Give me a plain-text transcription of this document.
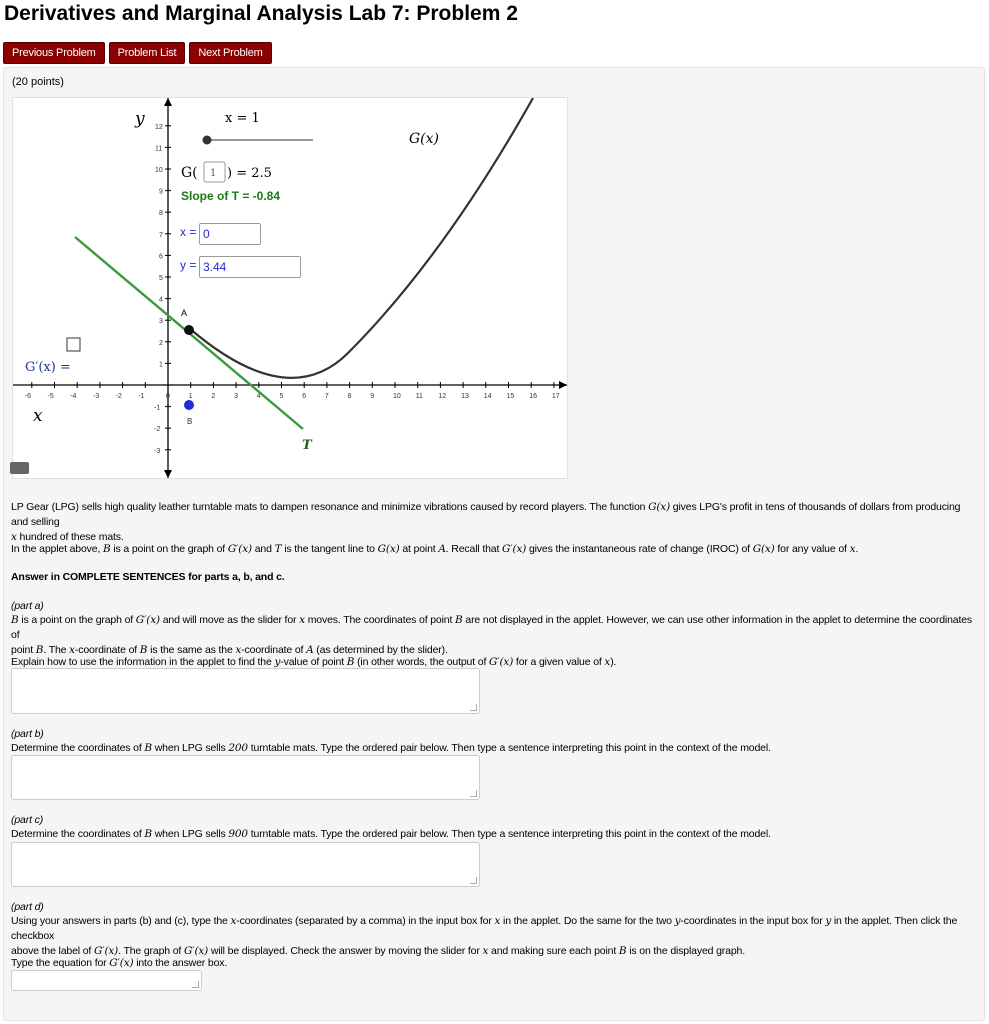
Derivatives and Marginal Analysis Lab 7: Problem 2
Previous Problem	Problem List	Next Problem
(20 points)
-6 -5 -4 -3 -2 -1	0	1	2	3	4	5	6	7	8	9	10 11 12 13 14 15 16 17
-3
-2
-1
1
2
3
4
5
6
7
8
9
10
11
12
A
B
y
x
x = 1
G(x)
T
G′(x) =
G( 1 ) = 2.5
Slope of T = -0.84
x =
y =
0
3.44
LP Gear (LPG) sells high quality leather turntable mats to dampen resonance and minimize vibrations caused by record players. The function G(x) gives LPG's profit in tens of thousands of dollars from producing and selling
x hundred of these mats.
In the applet above, B is a point on the graph of G′(x) and T is the tangent line to G(x) at point A. Recall that G′(x) gives the instantaneous rate of change (IROC) of G(x) for any value of x.
Answer in COMPLETE SENTENCES for parts a, b, and c.
(part a)
B is a point on the graph of G′(x) and will move as the slider for x moves. The coordinates of point B are not displayed in the applet. However, we can use other information in the applet to determine the coordinates of
point B. The x-coordinate of B is the same as the x-coordinate of A (as determined by the slider).
Explain how to use the information in the applet to find the y-value of point B (in other words, the output of G′(x) for a given value of x).
(part b)
Determine the coordinates of B when LPG sells 200 turntable mats. Type the ordered pair below. Then type a sentence interpreting this point in the context of the model.
(part c)
Determine the coordinates of B when LPG sells 900 turntable mats. Type the ordered pair below. Then type a sentence interpreting this point in the context of the model.
(part d)
Using your answers in parts (b) and (c), type the x-coordinates (separated by a comma) in the input box for x in the applet. Do the same for the two y-coordinates in the input box for y in the applet. Then click the checkbox
above the label of G′(x). The graph of G′(x) will be displayed. Check the answer by moving the slider for x and making sure each point B is on the displayed graph.
Type the equation for G′(x) into the answer box.
